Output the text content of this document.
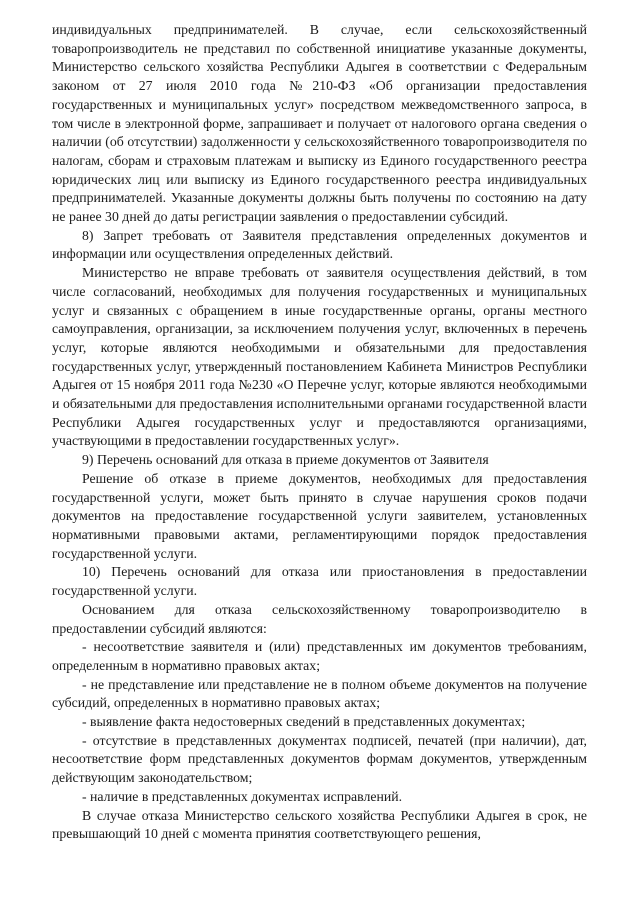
индивидуальных предпринимателей. В случае, если сельскохозяйственный товаропроизводитель не представил по собственной инициативе указанные документы, Министерство сельского хозяйства Республики Адыгея в соответствии с Федеральным законом от 27 июля 2010 года №210-ФЗ «Об организации предоставления государственных и муниципальных услуг» посредством межведомственного запроса, в том числе в электронной форме, запрашивает и получает от налогового органа сведения о наличии (об отсутствии) задолженности у сельскохозяйственного товаропроизводителя по налогам, сборам и страховым платежам и выписку из Единого государственного реестра юридических лиц или выписку из Единого государственного реестра индивидуальных предпринимателей. Указанные документы должны быть получены по состоянию на дату не ранее 30 дней до даты регистрации заявления о предоставлении субсидий.

8) Запрет требовать от Заявителя представления определенных документов и информации или осуществления определенных действий.

Министерство не вправе требовать от заявителя осуществления действий, в том числе согласований, необходимых для получения государственных и муниципальных услуг и связанных с обращением в иные государственные органы, органы местного самоуправления, организации, за исключением получения услуг, включенных в перечень услуг, которые являются необходимыми и обязательными для предоставления государственных услуг, утвержденный постановлением Кабинета Министров Республики Адыгея от 15 ноября 2011 года №230 «О Перечне услуг, которые являются необходимыми и обязательными для предоставления исполнительными органами государственной власти Республики Адыгея государственных услуг и предоставляются организациями, участвующими в предоставлении государственных услуг».

9) Перечень оснований для отказа в приеме документов от Заявителя

Решение об отказе в приеме документов, необходимых для предоставления государственной услуги, может быть принято в случае нарушения сроков подачи документов на предоставление государственной услуги заявителем, установленных нормативными правовыми актами, регламентирующими порядок предоставления государственной услуги.

10) Перечень оснований для отказа или приостановления в предоставлении государственной услуги.

Основанием для отказа сельскохозяйственному товаропроизводителю в предоставлении субсидий являются:

- несоответствие заявителя и (или) представленных им документов требованиям, определенным в нормативно правовых актах;

- не представление или представление не в полном объеме документов на получение субсидий, определенных в нормативно правовых актах;

- выявление факта недостоверных сведений в представленных документах;

- отсутствие в представленных документах подписей, печатей (при наличии), дат, несоответствие форм представленных документов формам документов, утвержденным действующим законодательством;

- наличие в представленных документах исправлений.

В случае отказа Министерство сельского хозяйства Республики Адыгея в срок, не превышающий 10 дней с момента принятия соответствующего решения,
